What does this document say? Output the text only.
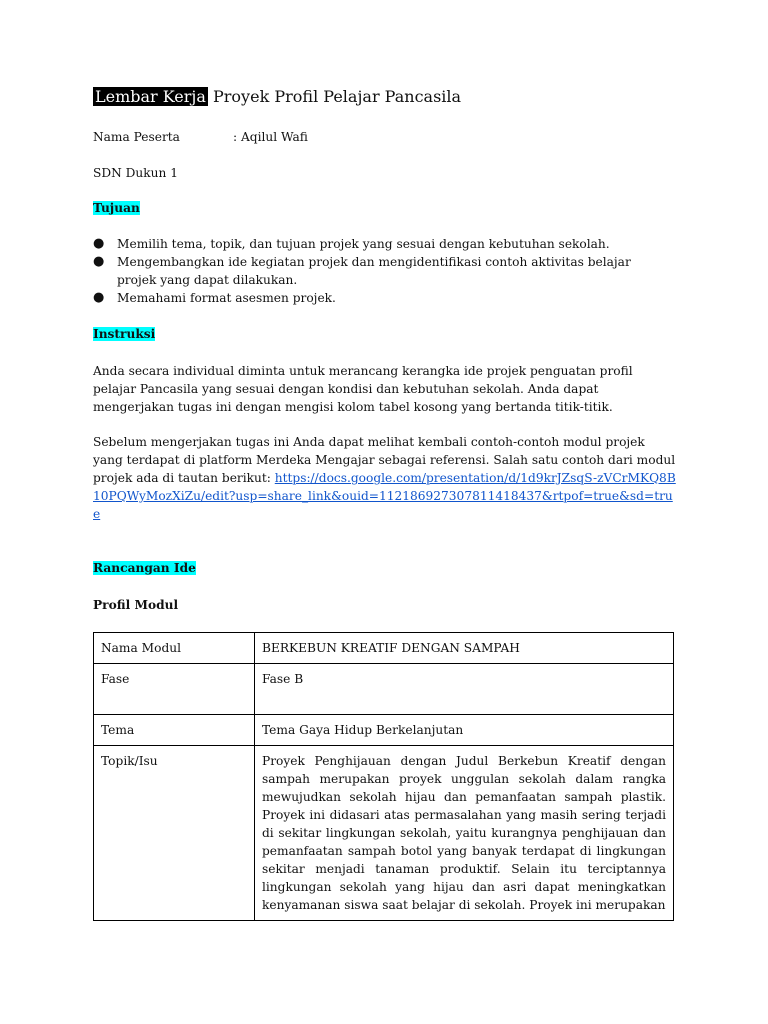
Lembar Kerja Proyek Profil Pelajar Pancasila
Nama Peserta	: Aqilul Wafi
SDN Dukun 1
Tujuan
● Memilih tema, topik, dan tujuan projek yang sesuai dengan kebutuhan sekolah.
● Mengembangkan ide kegiatan projek dan mengidentifikasi contoh aktivitas belajar projek yang dapat dilakukan.
● Memahami format asesmen projek.
Instruksi

Anda secara individual diminta untuk merancang kerangka ide projek penguatan profil pelajar Pancasila yang sesuai dengan kondisi dan kebutuhan sekolah. Anda dapat mengerjakan tugas ini dengan mengisi kolom tabel kosong yang bertanda titik-titik.

Sebelum mengerjakan tugas ini Anda dapat melihat kembali contoh-contoh modul projek yang terdapat di platform Merdeka Mengajar sebagai referensi. Salah satu contoh dari modul projek ada di tautan berikut: https://docs.google.com/presentation/d/1d9krJZsqS-zVCrMKQ8B10PQWyMozXiZu/edit?usp=share_link&ouid=112186927307811418437&rtpof=true&sd=true

Rancangan Ide
Profil Modul
Nama Modul	BERKEBUN KREATIF DENGAN SAMPAH
Fase	Fase B
Tema	Tema Gaya Hidup Berkelanjutan
Topik/Isu	Proyek Penghijauan dengan Judul Berkebun Kreatif dengan sampah merupakan proyek unggulan sekolah dalam rangka mewujudkan sekolah hijau dan pemanfaatan sampah plastik. Proyek ini didasari atas permasalahan yang masih sering terjadi di sekitar lingkungan sekolah, yaitu kurangnya penghijauan dan pemanfaatan sampah botol yang banyak terdapat di lingkungan sekitar menjadi tanaman produktif. Selain itu terciptannya lingkungan sekolah yang hijau dan asri dapat meningkatkan kenyamanan siswa saat belajar di sekolah. Proyek ini merupakan
